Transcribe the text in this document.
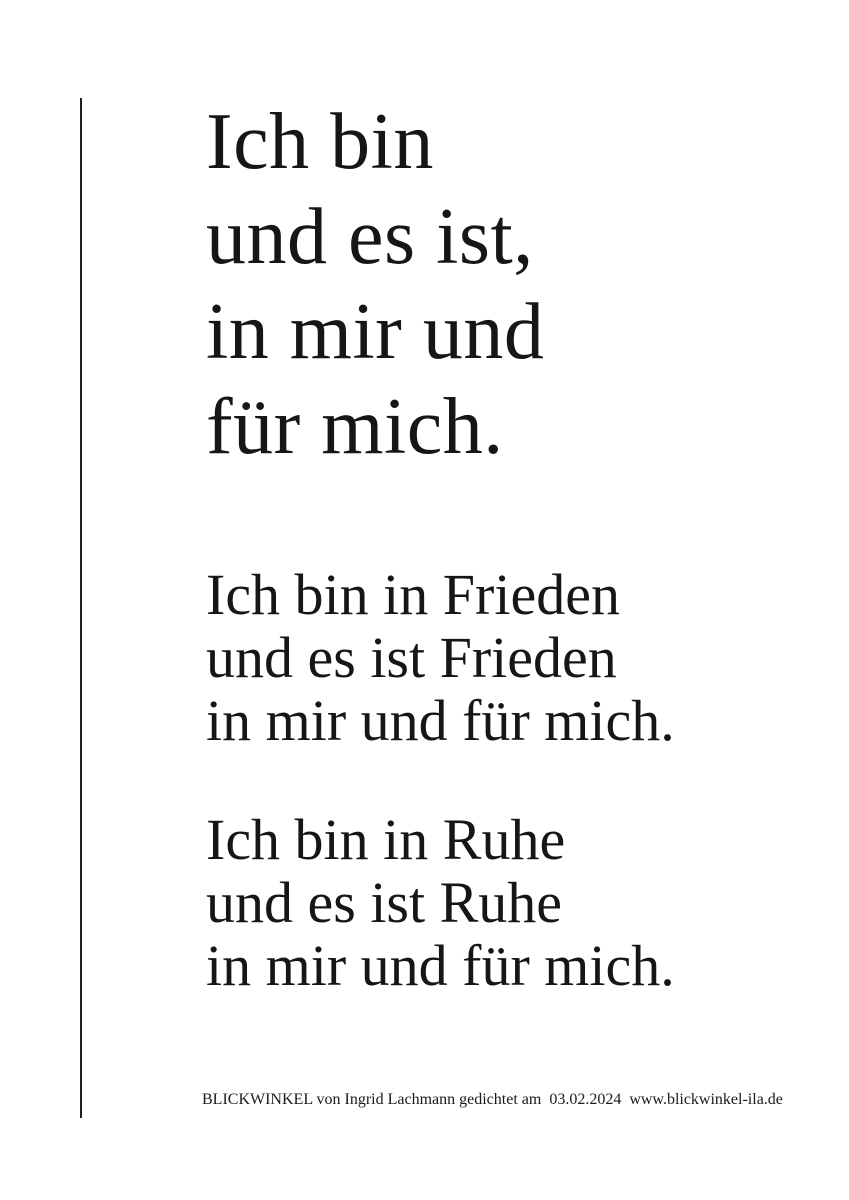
Ich bin

und es ist,

in mir und

für mich.

Ich bin in Frieden

und es ist Frieden

in mir und für mich.

Ich bin in Ruhe

und es ist Ruhe

in mir und für mich.

BLICKWINKEL von Ingrid Lachmann gedichtet am 03.02.2024 www.blickwinkel-ila.de
